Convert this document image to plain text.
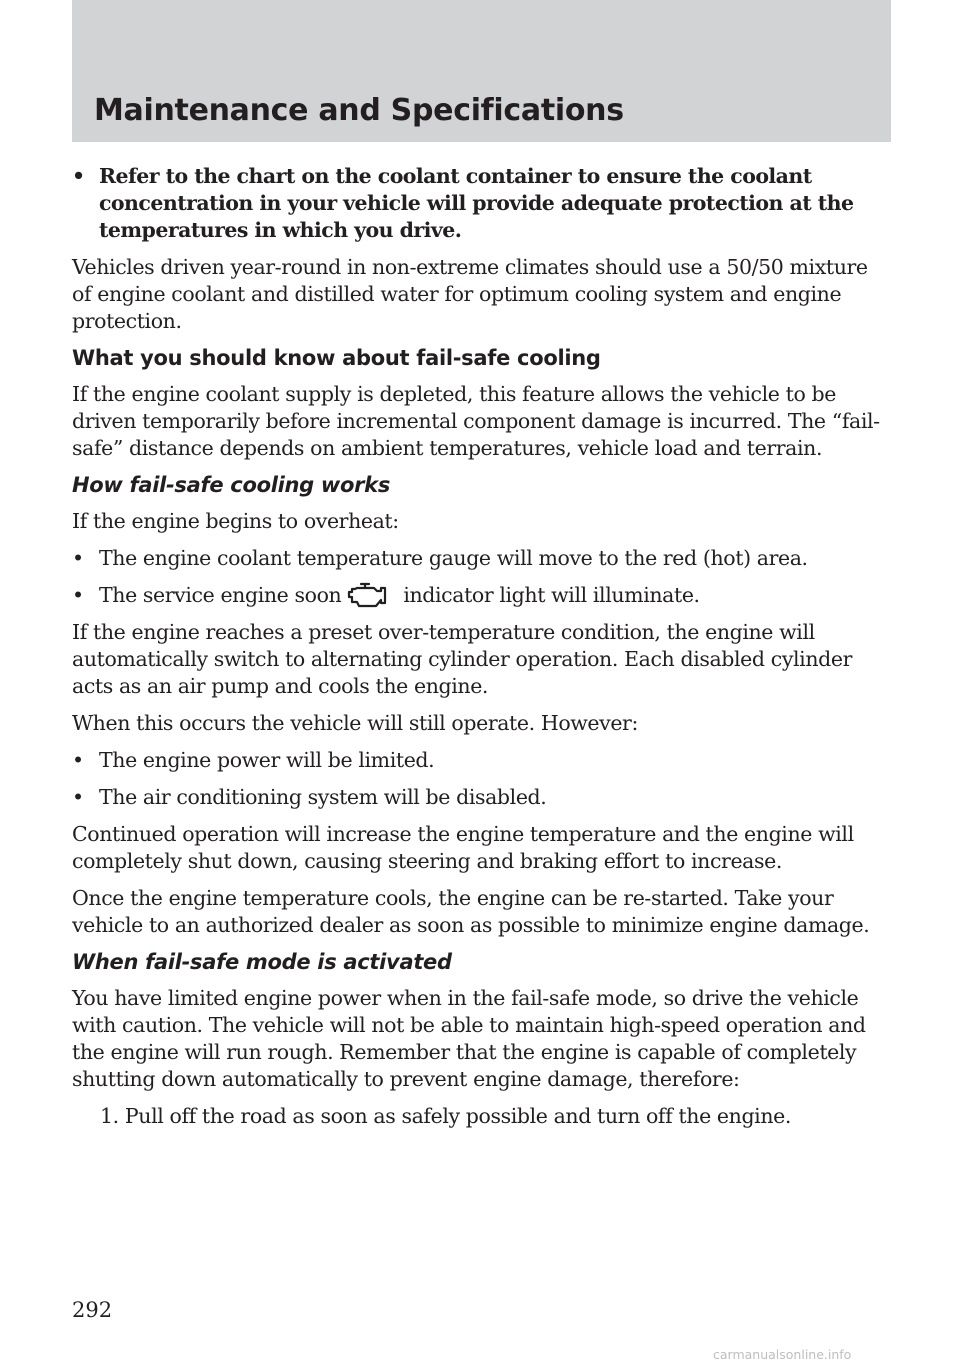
Maintenance and Specifications

• Refer to the chart on the coolant container to ensure the coolant concentration in your vehicle will provide adequate protection at the temperatures in which you drive.

Vehicles driven year-round in non-extreme climates should use a 50/50 mixture of engine coolant and distilled water for optimum cooling system and engine protection.

What you should know about fail-safe cooling

If the engine coolant supply is depleted, this feature allows the vehicle to be driven temporarily before incremental component damage is incurred. The “fail-safe” distance depends on ambient temperatures, vehicle load and terrain.

How fail-safe cooling works

If the engine begins to overheat:

• The engine coolant temperature gauge will move to the red (hot) area.

• The service engine soon	indicator light will illuminate.

If the engine reaches a preset over-temperature condition, the engine will automatically switch to alternating cylinder operation. Each disabled cylinder acts as an air pump and cools the engine.

When this occurs the vehicle will still operate. However:

• The engine power will be limited.

• The air conditioning system will be disabled.

Continued operation will increase the engine temperature and the engine will completely shut down, causing steering and braking effort to increase.

Once the engine temperature cools, the engine can be re-started. Take your vehicle to an authorized dealer as soon as possible to minimize engine damage.

When fail-safe mode is activated

You have limited engine power when in the fail-safe mode, so drive the vehicle with caution. The vehicle will not be able to maintain high-speed operation and the engine will run rough. Remember that the engine is capable of completely shutting down automatically to prevent engine damage, therefore:

1. Pull off the road as soon as safely possible and turn off the engine.

292
carmanualsonline.info
